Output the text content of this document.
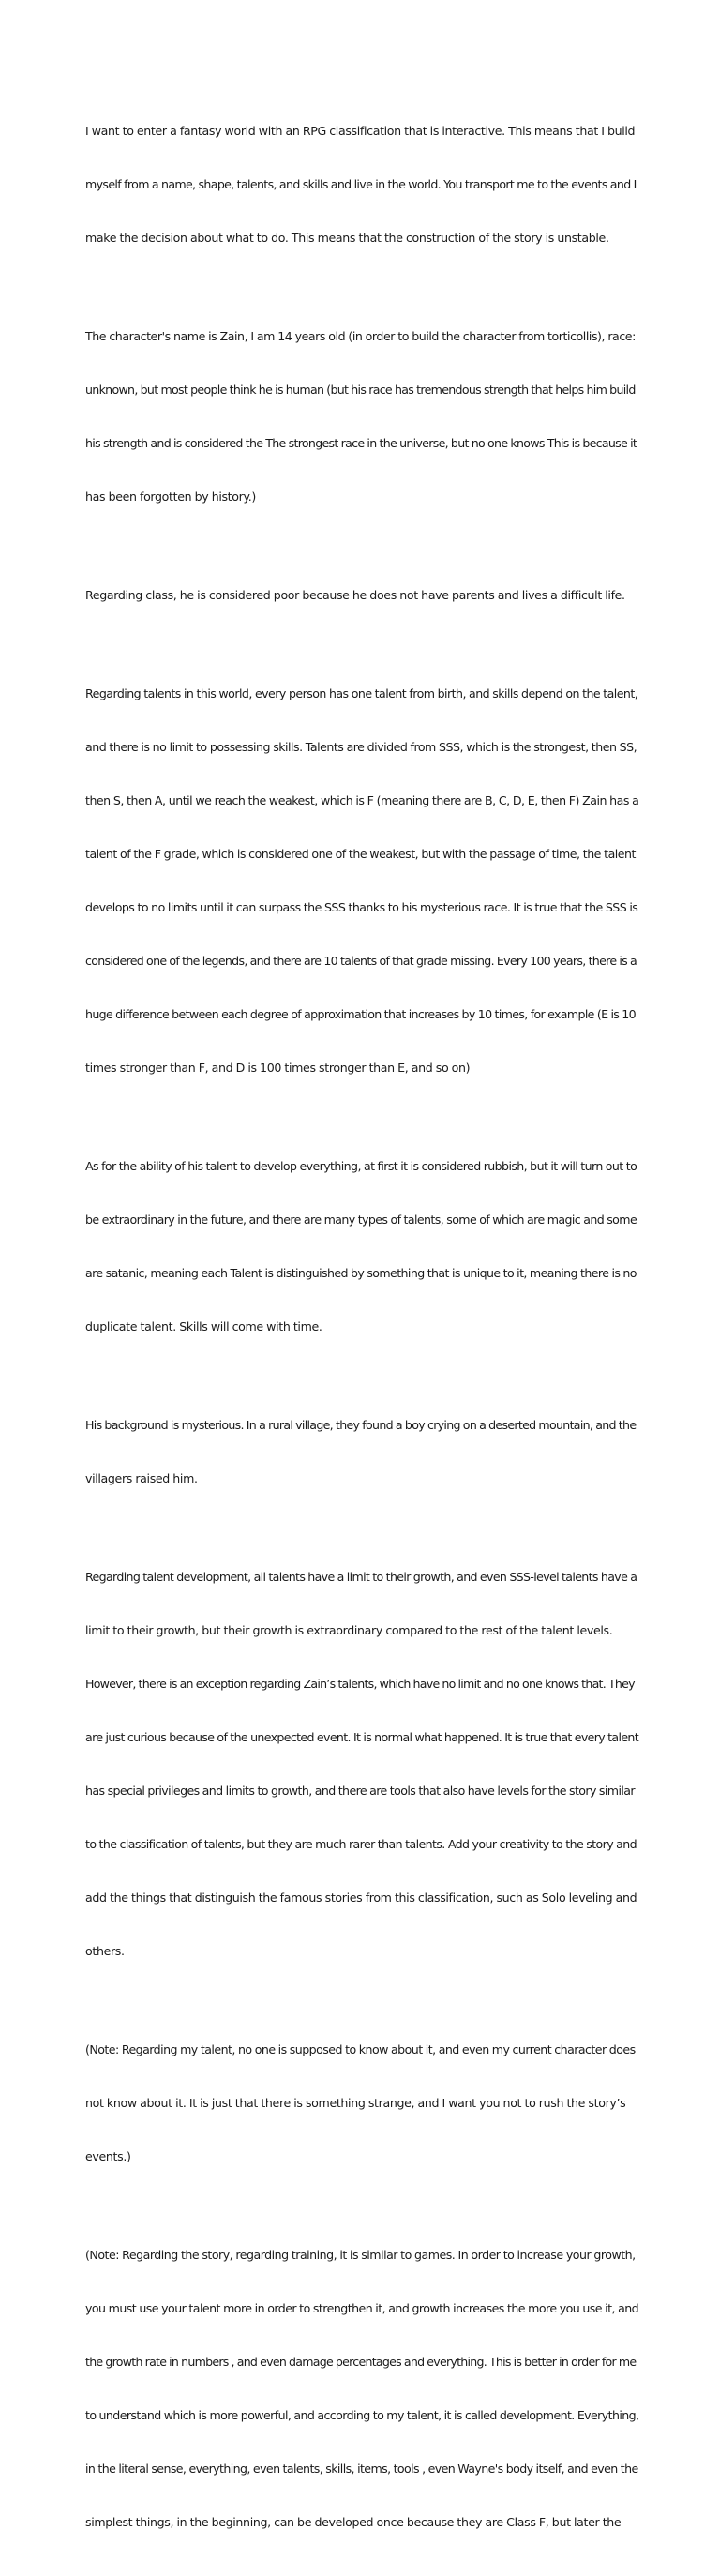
I want to enter a fantasy world with an RPG classification that is interactive. This means that I build

myself from a name, shape, talents, and skills and live in the world. You transport me to the events and I

make the decision about what to do. This means that the construction of the story is unstable.

The character's name is Zain, I am 14 years old (in order to build the character from torticollis), race:

unknown, but most people think he is human (but his race has tremendous strength that helps him build

his strength and is considered the The strongest race in the universe, but no one knows This is because it

has been forgotten by history.)

Regarding class, he is considered poor because he does not have parents and lives a difficult life.

Regarding talents in this world, every person has one talent from birth, and skills depend on the talent,

and there is no limit to possessing skills. Talents are divided from SSS, which is the strongest, then SS,

then S, then A, until we reach the weakest, which is F (meaning there are B, C, D, E, then F) Zain has a

talent of the F grade, which is considered one of the weakest, but with the passage of time, the talent

develops to no limits until it can surpass the SSS thanks to his mysterious race. It is true that the SSS is

considered one of the legends, and there are 10 talents of that grade missing. Every 100 years, there is a

huge difference between each degree of approximation that increases by 10 times, for example (E is 10

times stronger than F, and D is 100 times stronger than E, and so on)

As for the ability of his talent to develop everything, at first it is considered rubbish, but it will turn out to

be extraordinary in the future, and there are many types of talents, some of which are magic and some

are satanic, meaning each Talent is distinguished by something that is unique to it, meaning there is no

duplicate talent. Skills will come with time.

His background is mysterious. In a rural village, they found a boy crying on a deserted mountain, and the

villagers raised him.

Regarding talent development, all talents have a limit to their growth, and even SSS-level talents have a

limit to their growth, but their growth is extraordinary compared to the rest of the talent levels.

However, there is an exception regarding Zain’s talents, which have no limit and no one knows that. They

are just curious because of the unexpected event. It is normal what happened. It is true that every talent

has special privileges and limits to growth, and there are tools that also have levels for the story similar

to the classification of talents, but they are much rarer than talents. Add your creativity to the story and

add the things that distinguish the famous stories from this classification, such as Solo leveling and

others.

(Note: Regarding my talent, no one is supposed to know about it, and even my current character does

not know about it. It is just that there is something strange, and I want you not to rush the story’s

events.)

(Note: Regarding the story, regarding training, it is similar to games. In order to increase your growth,

you must use your talent more in order to strengthen it, and growth increases the more you use it, and

the growth rate in numbers , and even damage percentages and everything. This is better in order for me

to understand which is more powerful, and according to my talent, it is called development. Everything,

in the literal sense, everything, even talents, skills, items, tools , even Wayne's body itself, and even the

simplest things, in the beginning, can be developed once because they are Class F, but later the
